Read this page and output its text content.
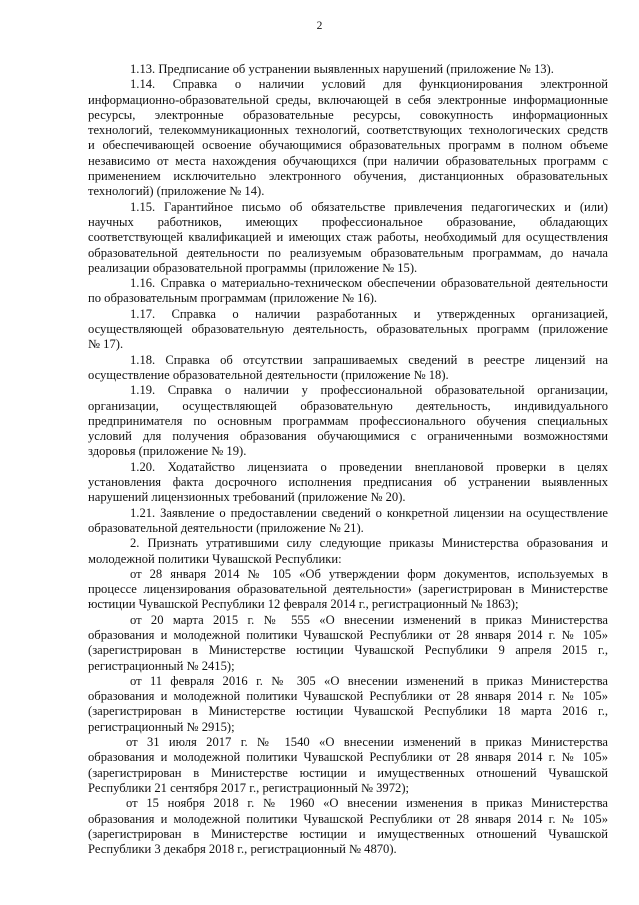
2
1.13. Предписание об устранении выявленных нарушений (приложение № 13).
1.14. Справка о наличии условий для функционирования электронной
информационно-образовательной среды, включающей в себя электронные информационные
ресурсы, электронные образовательные ресурсы, совокупность информационных
технологий, телекоммуникационных технологий, соответствующих технологических средств
и обеспечивающей освоение обучающимися образовательных программ в полном объеме
независимо от места нахождения обучающихся (при наличии образовательных программ с
применением исключительно электронного обучения, дистанционных образовательных
технологий) (приложение № 14).
1.15. Гарантийное письмо об обязательстве привлечения педагогических и (или)
научных работников, имеющих профессиональное образование, обладающих
соответствующей квалификацией и имеющих стаж работы, необходимый для осуществления
образовательной деятельности по реализуемым образовательным программам, до начала
реализации образовательной программы (приложение № 15).
1.16. Справка о материально-техническом обеспечении образовательной деятельности
по образовательным программам (приложение № 16).
1.17. Справка о наличии разработанных и утвержденных организацией,
осуществляющей образовательную деятельность, образовательных программ (приложение
№ 17).
1.18. Справка об отсутствии запрашиваемых сведений в реестре лицензий на
осуществление образовательной деятельности (приложение № 18).
1.19. Справка о наличии у профессиональной образовательной организации,
организации, осуществляющей образовательную деятельность, индивидуального
предпринимателя по основным программам профессионального обучения специальных
условий для получения образования обучающимися с ограниченными возможностями
здоровья (приложение № 19).
1.20. Ходатайство лицензиата о проведении внеплановой проверки в целях
установления факта досрочного исполнения предписания об устранении выявленных
нарушений лицензионных требований (приложение № 20).
1.21. Заявление о предоставлении сведений о конкретной лицензии на осуществление
образовательной деятельности (приложение № 21).
2. Признать утратившими силу следующие приказы Министерства образования и
молодежной политики Чувашской Республики:
от 28 января 2014 № 105 «Об утверждении форм документов, используемых в
процессе лицензирования образовательной деятельности» (зарегистрирован в Министерстве
юстиции Чувашской Республики 12 февраля 2014 г., регистрационный № 1863);
от 20 марта 2015 г. № 555 «О внесении изменений в приказ Министерства
образования и молодежной политики Чувашской Республики от 28 января 2014 г. № 105»
(зарегистрирован в Министерстве юстиции Чувашской Республики 9 апреля 2015 г.,
регистрационный № 2415);
от 11 февраля 2016 г. № 305 «О внесении изменений в приказ Министерства
образования и молодежной политики Чувашской Республики от 28 января 2014 г. № 105»
(зарегистрирован в Министерстве юстиции Чувашской Республики 18 марта 2016 г.,
регистрационный № 2915);
от 31 июля 2017 г. № 1540 «О внесении изменений в приказ Министерства
образования и молодежной политики Чувашской Республики от 28 января 2014 г. № 105»
(зарегистрирован в Министерстве юстиции и имущественных отношений Чувашской
Республики 21 сентября 2017 г., регистрационный № 3972);
от 15 ноября 2018 г. № 1960 «О внесении изменения в приказ Министерства
образования и молодежной политики Чувашской Республики от 28 января 2014 г. № 105»
(зарегистрирован в Министерстве юстиции и имущественных отношений Чувашской
Республики 3 декабря 2018 г., регистрационный № 4870).
